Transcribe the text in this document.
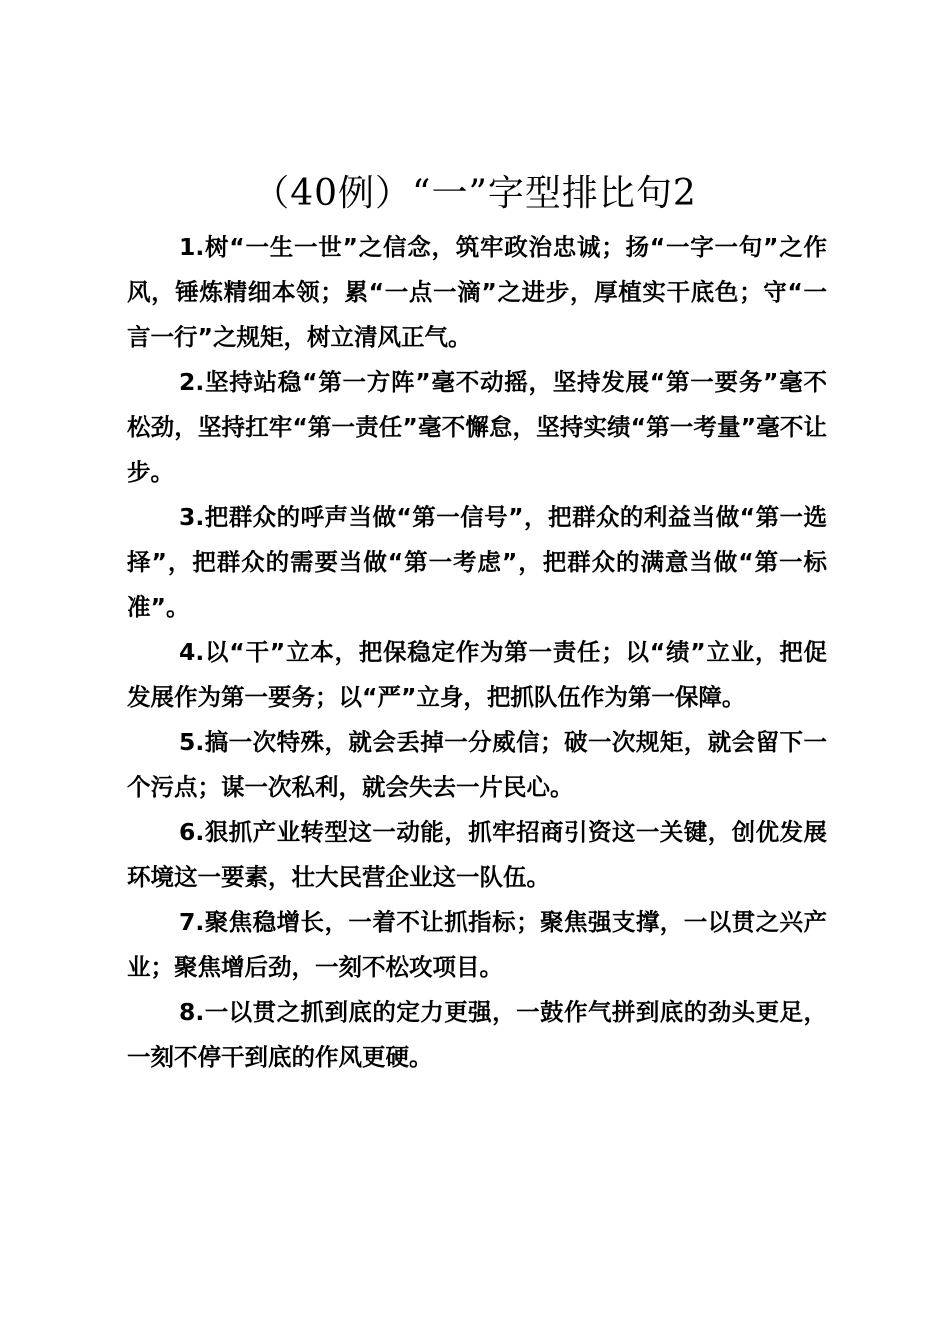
（40例）“一”字型排比句2

1.树“一生一世”之信念，筑牢政治忠诚；扬“一字一句”之作风，锤炼精细本领；累“一点一滴”之进步，厚植实干底色；守“一言一行”之规矩，树立清风正气。

2.坚持站稳“第一方阵”毫不动摇，坚持发展“第一要务”毫不松劲，坚持扛牢“第一责任”毫不懈怠，坚持实绩“第一考量”毫不让步。

3.把群众的呼声当做“第一信号”，把群众的利益当做“第一选择”，把群众的需要当做“第一考虑”，把群众的满意当做“第一标准”。

4.以“干”立本，把保稳定作为第一责任；以“绩”立业，把促发展作为第一要务；以“严”立身，把抓队伍作为第一保障。

5.搞一次特殊，就会丢掉一分威信；破一次规矩，就会留下一个污点；谋一次私利，就会失去一片民心。

6.狠抓产业转型这一动能，抓牢招商引资这一关键，创优发展环境这一要素，壮大民营企业这一队伍。

7.聚焦稳增长，一着不让抓指标；聚焦强支撑，一以贯之兴产业；聚焦增后劲，一刻不松攻项目。

8.一以贯之抓到底的定力更强，一鼓作气拼到底的劲头更足，一刻不停干到底的作风更硬。
